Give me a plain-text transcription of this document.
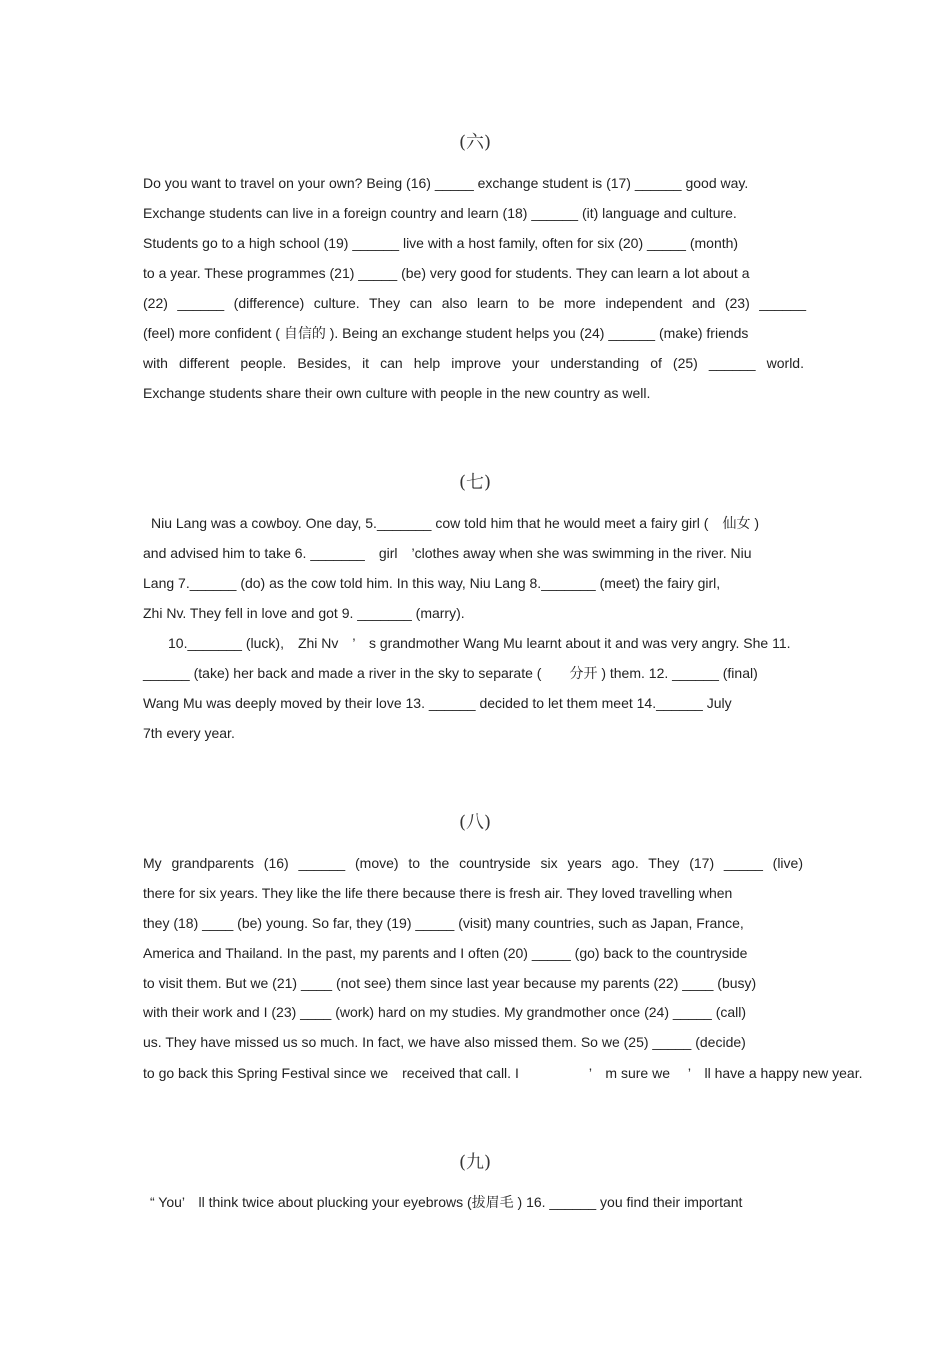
(六)
Do you want to travel on your own? Being (16) _____ exchange student is (17) ______ good way.
Exchange students can live in a foreign country and learn (18) ______ (it) language and culture.
Students go to a high school (19) ______ live with a host family, often for six (20) _____ (month)
to a year. These programmes (21) _____ (be) very good for students. They can learn a lot about a
(22) ______ (difference) culture. They can also learn to be more independent and (23) ______
(feel) more confident ( 自信的 ). Being an exchange student helps you (24) ______ (make) friends
with different people. Besides, it can help improve your understanding of (25) ______ world.
Exchange students share their own culture with people in the new country as well.
(七)
Niu Lang was a cowboy. One day, 5._______ cow told him that he would meet a fairy girl (　仙女 )
and advised him to take 6. _______　girl　’clothes away when she was swimming in the river. Niu
Lang 7.______ (do) as the cow told him. In this way, Niu Lang 8._______ (meet) the fairy girl,
Zhi Nv. They fell in love and got 9. _______ (marry).
10._______ (luck),　Zhi Nv　’　s grandmother Wang Mu learnt about it and was very angry. She 11.
______ (take) her back and made a river in the sky to separate (　　分开 ) them. 12. ______ (final)
Wang Mu was deeply moved by their love 13. ______ decided to let them meet 14.______ July
7th every year.
(八)
My grandparents (16) ______ (move) to the countryside six years ago. They (17) _____ (live)
there for six years. They like the life there because there is fresh air. They loved travelling when
they (18) ____ (be) young. So far, they (19) _____ (visit) many countries, such as Japan, France,
America and Thailand. In the past, my parents and I often (20) _____ (go) back to the countryside
to visit them. But we (21) ____ (not see) them since last year because my parents (22) ____ (busy)
with their work and I (23) ____ (work) hard on my studies. My grandmother once (24) _____ (call)
us. They have missed us so much. In fact, we have also missed them. So we (25) _____ (decide)
to go back this Spring Festival since we　received that call. I　　　　　’　m sure we　 ’　ll have a happy new year.
(九)
“ You’　ll think twice about plucking your eyebrows (拔眉毛 ) 16. ______ you find their important
